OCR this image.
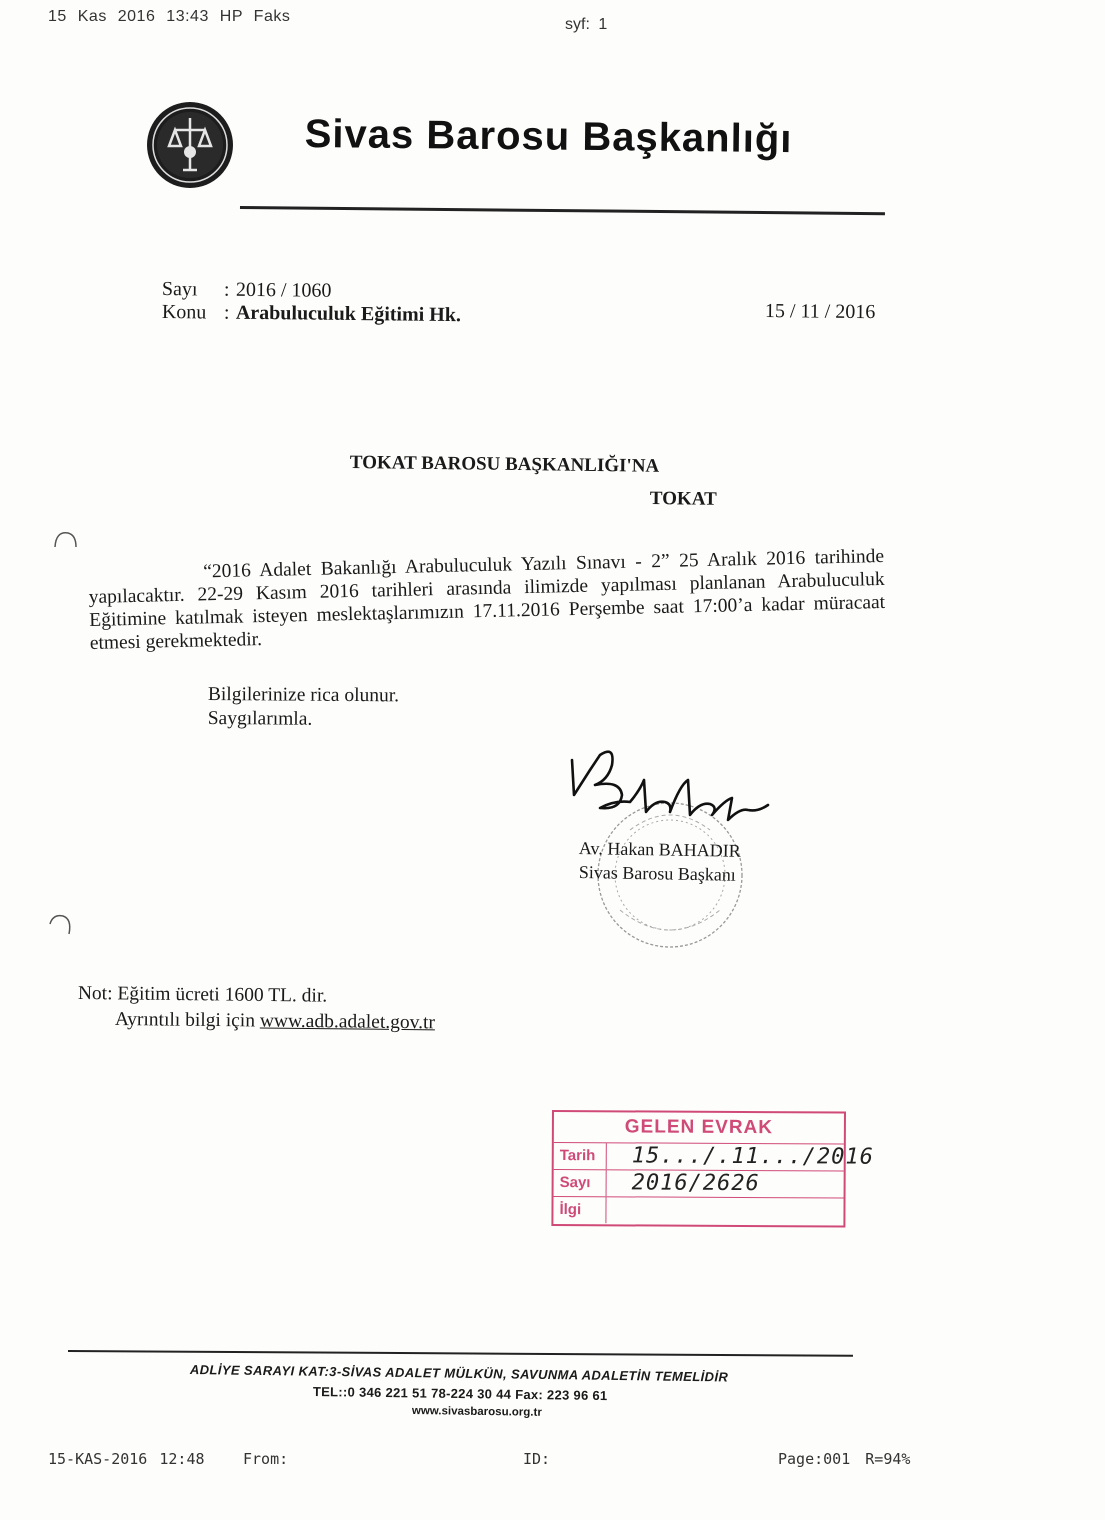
15 Kas 2016 13:43 HP Faks	syf: 1
Sivas Barosu Başkanlığı
Sayı : 2016 / 1060
Konu : Arabuluculuk Eğitimi Hk.	15 / 11 / 2016
TOKAT BAROSU BAŞKANLIĞI'NA
TOKAT
“2016 Adalet Bakanlığı Arabuluculuk Yazılı Sınavı - 2” 25 Aralık 2016 tarihinde yapılacaktır. 22-29 Kasım 2016 tarihleri arasında ilimizde yapılması planlanan Arabuluculuk Eğitimine katılmak isteyen meslektaşlarımızın 17.11.2016 Perşembe saat 17:00’a kadar müracaat etmesi gerekmektedir.
Bilgilerinize rica olunur.
Saygılarımla.
Av. Hakan BAHADIR
Sivas Barosu Başkanı
Not: Eğitim ücreti 1600 TL. dir.
Ayrıntılı bilgi için www.adb.adalet.gov.tr
GELEN EVRAK
Tarih 15.../.11.../2016
Sayı 2016/2626
İlgi
ADLİYE SARAYI KAT:3-SİVAS ADALET MÜLKÜN, SAVUNMA ADALETİN TEMELİDİR
TEL::0 346 221 51 78-224 30 44 Fax: 223 96 61
www.sivasbarosu.org.tr
15-KAS-2016 12:48	From:	ID:	Page:001 R=94%
